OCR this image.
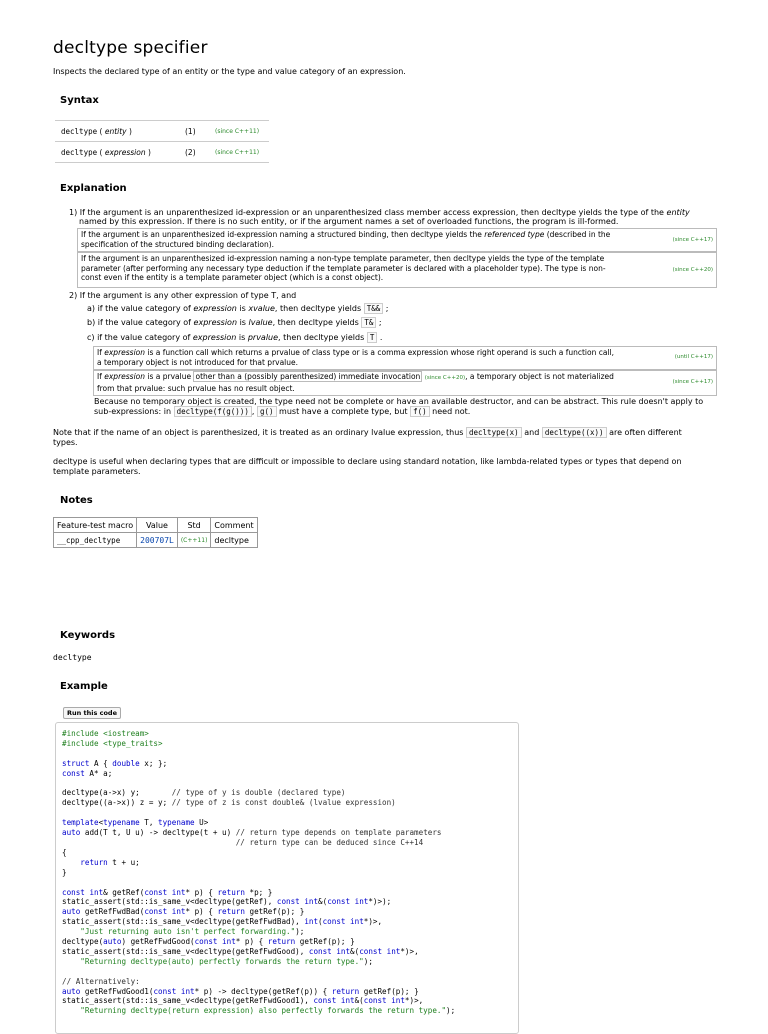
decltype specifier
Inspects the declared type of an entity or the type and value category of an expression.
Syntax
decltype ( entity )	(1)	(since C++11)
decltype ( expression )	(2)	(since C++11)
Explanation
1) If the argument is an unparenthesized id-expression or an unparenthesized class member access expression, then decltype yields the type of the entity
named by this expression. If there is no such entity, or if the argument names a set of overloaded functions, the program is ill-formed.
If the argument is an unparenthesized id-expression naming a structured binding, then decltype yields the referenced type (described in the
specification of the structured binding declaration).	(since C++17)
If the argument is an unparenthesized id-expression naming a non-type template parameter, then decltype yields the type of the template
parameter (after performing any necessary type deduction if the template parameter is declared with a placeholder type). The type is non-
const even if the entity is a template parameter object (which is a const object).
(since C++20)
2) If the argument is any other expression of type T, and
a) if the value category of expression is xvalue, then decltype yields T&& ;
b) if the value category of expression is lvalue, then decltype yields T& ;
c) if the value category of expression is prvalue, then decltype yields T .
If expression is a function call which returns a prvalue of class type or is a comma expression whose right operand is such a function call,
a temporary object is not introduced for that prvalue.
(until C++17)
If expression is a prvalue other than a (possibly parenthesized) immediate invocation (since C++20), a temporary object is not materialized
from that prvalue: such prvalue has no result object.
(since C++17)
Because no temporary object is created, the type need not be complete or have an available destructor, and can be abstract. This rule doesn't apply to
sub-expressions: in decltype(f(g())) , g() must have a complete type, but f() need not.
Note that if the name of an object is parenthesized, it is treated as an ordinary lvalue expression, thus decltype(x) and decltype((x)) are often different
types.
decltype is useful when declaring types that are difficult or impossible to declare using standard notation, like lambda-related types or types that depend on
template parameters.
Notes
Feature-test macro	Value	Std	Comment
__cpp_decltype	200707L	(C++11)	decltype
Keywords
decltype
Example
Run this code
#include <iostream>
#include <type_traits>

struct A { double x; };
const A* a;

decltype(a->x) y;	// type of y is double (declared type)
decltype((a->x)) z = y; // type of z is const double& (lvalue expression)

template<typename T, typename U>
auto add(T t, U u) -> decltype(t + u) // return type depends on template parameters
// return type can be deduced since C++14
{
return t + u;
}

const int& getRef(const int* p) { return *p; }
static_assert(std::is_same_v<decltype(getRef), const int&(const int*)>);
auto getRefFwdBad(const int* p) { return getRef(p); }
static_assert(std::is_same_v<decltype(getRefFwdBad), int(const int*)>,
"Just returning auto isn't perfect forwarding.");
decltype(auto) getRefFwdGood(const int* p) { return getRef(p); }
static_assert(std::is_same_v<decltype(getRefFwdGood), const int&(const int*)>,
"Returning decltype(auto) perfectly forwards the return type.");

// Alternatively:
auto getRefFwdGood1(const int* p) -> decltype(getRef(p)) { return getRef(p); }
static_assert(std::is_same_v<decltype(getRefFwdGood1), const int&(const int*)>,
"Returning decltype(return expression) also perfectly forwards the return type.");
